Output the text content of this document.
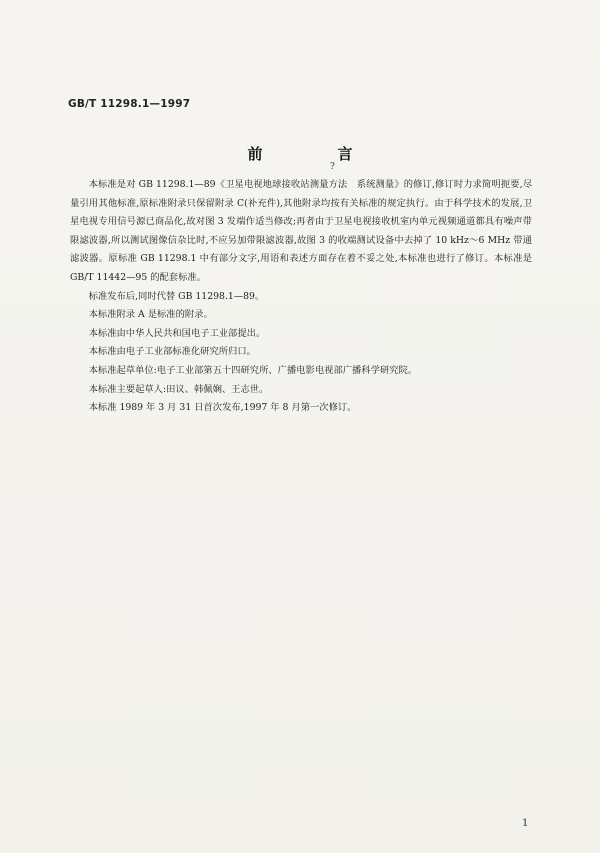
GB/T 11298.1—1997
前　言
?

本标准是对 GB 11298.1—89《卫星电视地球接收站测量方法　系统测量》的修订,修订时力求简明扼要,尽量引用其他标准,原标准附录只保留附录 C(补充件),其他附录均按有关标准的规定执行。由于科学技术的发展,卫星电视专用信号源已商品化,故对图 3 发端作适当修改;再者由于卫星电视接收机室内单元视频通道都具有噪声带限滤波器,所以测试图像信杂比时,不应另加带限滤波器,故图 3 的收端测试设备中去掉了 10 kHz～6 MHz 带通滤波器。原标准 GB 11298.1 中有部分文字,用语和表述方面存在着不妥之处,本标准也进行了修订。本标准是 GB/T 11442—95 的配套标准。

标准发布后,同时代替 GB 11298.1—89。

本标准附录 A 是标准的附录。

本标准由中华人民共和国电子工业部提出。

本标准由电子工业部标准化研究所归口。

本标准起草单位:电子工业部第五十四研究所、广播电影电视部广播科学研究院。

本标准主要起草人:田议、韩佩娴、王志世。

本标准 1989 年 3 月 31 日首次发布,1997 年 8 月第一次修订。

1
